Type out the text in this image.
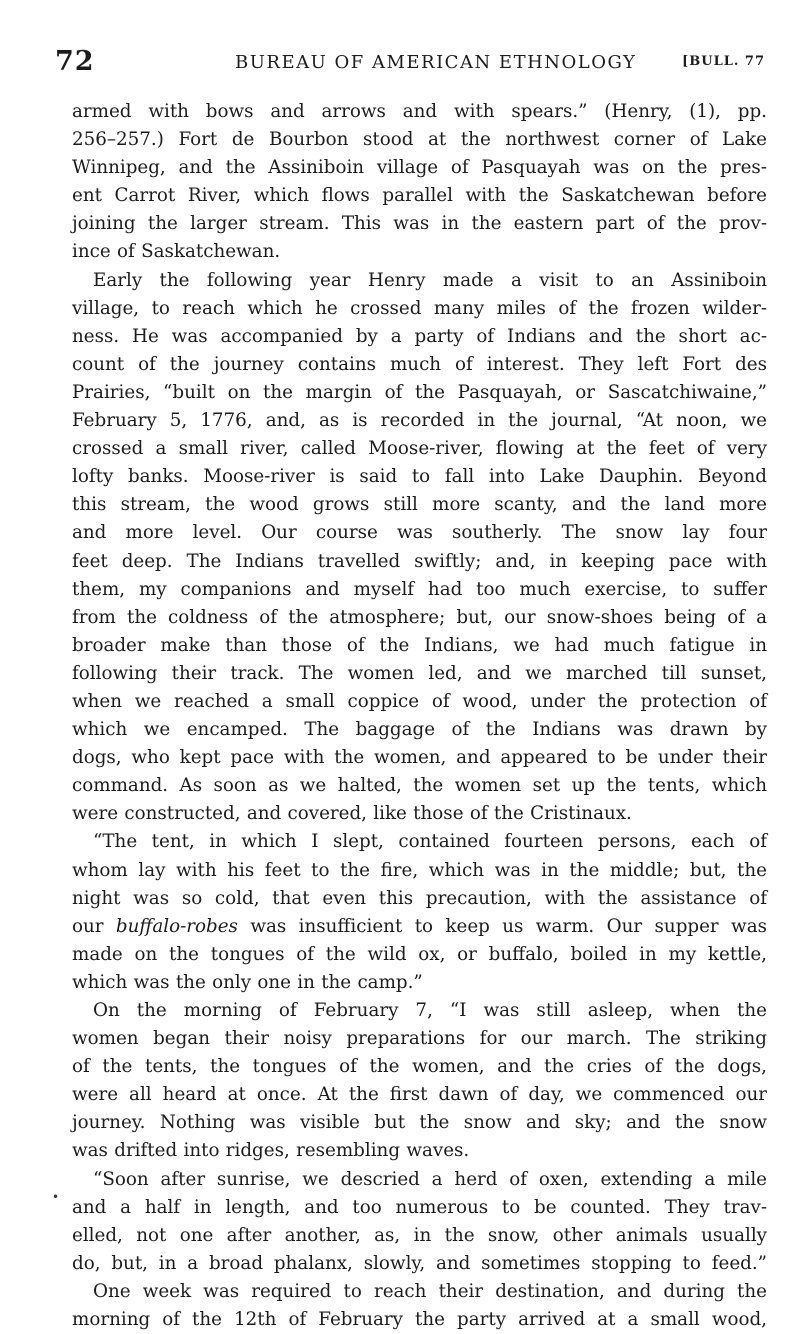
72	BUREAU OF AMERICAN ETHNOLOGY	[BULL. 77
armed with bows and arrows and with spears.” (Henry, (1), pp.
256–257.) Fort de Bourbon stood at the northwest corner of Lake
Winnipeg, and the Assiniboin village of Pasquayah was on the pres-
ent Carrot River, which flows parallel with the Saskatchewan before
joining the larger stream. This was in the eastern part of the prov-
ince of Saskatchewan.
Early the following year Henry made a visit to an Assiniboin
village, to reach which he crossed many miles of the frozen wilder-
ness. He was accompanied by a party of Indians and the short ac-
count of the journey contains much of interest. They left Fort des
Prairies, “built on the margin of the Pasquayah, or Sascatchiwaine,”
February 5, 1776, and, as is recorded in the journal, “At noon, we
crossed a small river, called Moose-river, flowing at the feet of very
lofty banks. Moose-river is said to fall into Lake Dauphin. Beyond
this stream, the wood grows still more scanty, and the land more
and more level. Our course was southerly. The snow lay four
feet deep. The Indians travelled swiftly; and, in keeping pace with
them, my companions and myself had too much exercise, to suffer
from the coldness of the atmosphere; but, our snow-shoes being of a
broader make than those of the Indians, we had much fatigue in
following their track. The women led, and we marched till sunset,
when we reached a small coppice of wood, under the protection of
which we encamped. The baggage of the Indians was drawn by
dogs, who kept pace with the women, and appeared to be under their
command. As soon as we halted, the women set up the tents, which
were constructed, and covered, like those of the Cristinaux.
“The tent, in which I slept, contained fourteen persons, each of
whom lay with his feet to the fire, which was in the middle; but, the
night was so cold, that even this precaution, with the assistance of
our buffalo-robes was insufficient to keep us warm. Our supper was
made on the tongues of the wild ox, or buffalo, boiled in my kettle,
which was the only one in the camp.”
On the morning of February 7, “I was still asleep, when the
women began their noisy preparations for our march. The striking
of the tents, the tongues of the women, and the cries of the dogs,
were all heard at once. At the first dawn of day, we commenced our
journey. Nothing was visible but the snow and sky; and the snow
was drifted into ridges, resembling waves.
“Soon after sunrise, we descried a herd of oxen, extending a mile
and a half in length, and too numerous to be counted. They trav-
elled, not one after another, as, in the snow, other animals usually
do, but, in a broad phalanx, slowly, and sometimes stopping to feed.”
One week was required to reach their destination, and during the
morning of the 12th of February the party arrived at a small wood,
•
